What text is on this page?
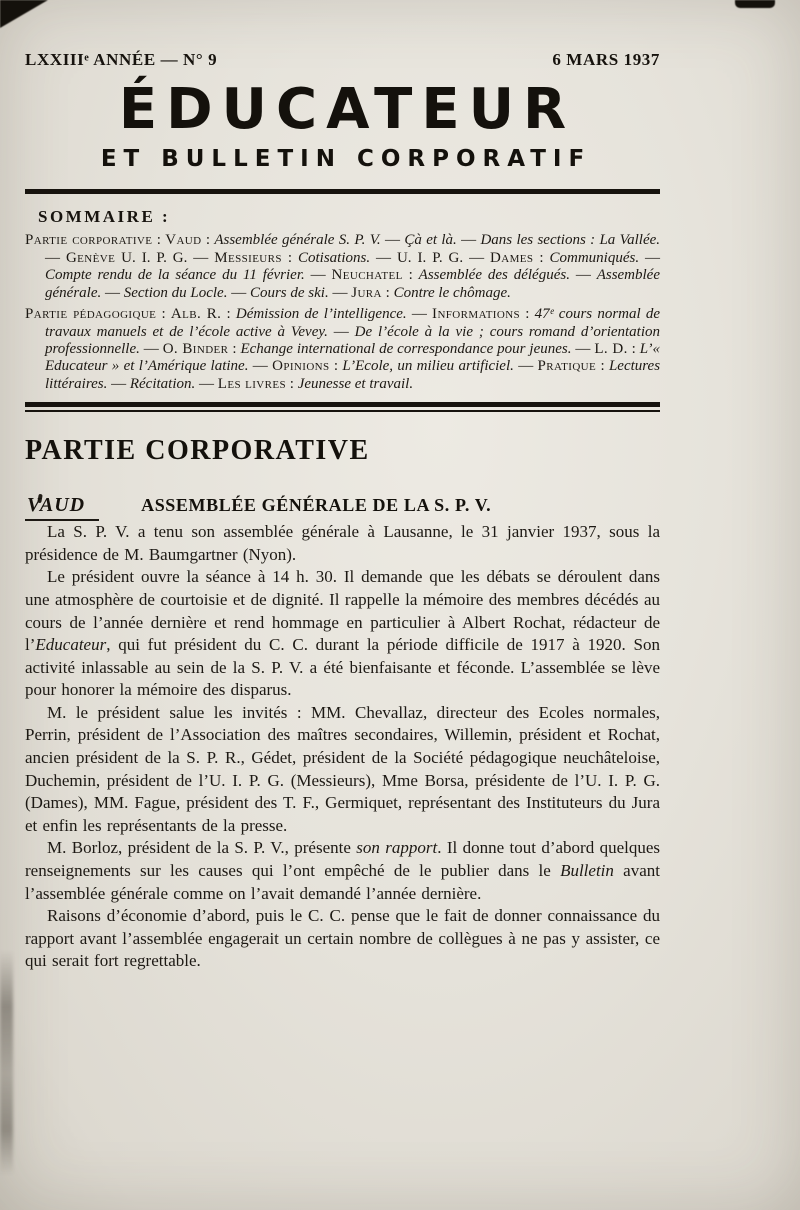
LXXIIIᵉ ANNÉE — N° 9	6 MARS 1937
ÉDUCATEUR
ET BULLETIN CORPORATIF
SOMMAIRE :

Partie corporative : Vaud : Assemblée générale S. P. V. — Çà et là. — Dans les sections : La Vallée. — Genève U. I. P. G. — Messieurs : Cotisations. — U. I. P. G. — Dames : Communiqués. — Compte rendu de la séance du 11 février. — Neuchatel : Assemblée des délégués. — Assemblée générale. — Section du Locle. — Cours de ski. — Jura : Contre le chômage.

Partie pédagogique : Alb. R. : Démission de l’intelligence. — Informations : 47ᵉ cours normal de travaux manuels et de l’école active à Vevey. — De l’école à la vie ; cours romand d’orientation professionnelle. — O. Binder : Echange international de correspondance pour jeunes. — L. D. : L’« Educateur » et l’Amérique latine. — Opinions : L’Ecole, un milieu artificiel. — Pratique : Lectures littéraires. — Récitation. — Les livres : Jeunesse et travail.

PARTIE CORPORATIVE
VAUD	ASSEMBLÉE GÉNÉRALE DE LA S. P. V.

La S. P. V. a tenu son assemblée générale à Lausanne, le 31 janvier 1937, sous la présidence de M. Baumgartner (Nyon).

Le président ouvre la séance à 14 h. 30. Il demande que les débats se déroulent dans une atmosphère de courtoisie et de dignité. Il rappelle la mémoire des membres décédés au cours de l’année dernière et rend hommage en particulier à Albert Rochat, rédacteur de l’Educateur, qui fut président du C. C. durant la période difficile de 1917 à 1920. Son activité inlassable au sein de la S. P. V. a été bienfaisante et féconde. L’assemblée se lève pour honorer la mémoire des disparus.

M. le président salue les invités : MM. Chevallaz, directeur des Ecoles normales, Perrin, président de l’Association des maîtres secondaires, Willemin, président et Rochat, ancien président de la S. P. R., Gédet, président de la Société pédagogique neuchâteloise, Duchemin, président de l’U. I. P. G. (Messieurs), Mme Borsa, présidente de l’U. I. P. G. (Dames), MM. Fague, président des T. F., Germiquet, représentant des Instituteurs du Jura et enfin les représentants de la presse.

M. Borloz, président de la S. P. V., présente son rapport. Il donne tout d’abord quelques renseignements sur les causes qui l’ont empêché de le publier dans le Bulletin avant l’assemblée générale comme on l’avait demandé l’année dernière.

Raisons d’économie d’abord, puis le C. C. pense que le fait de donner connaissance du rapport avant l’assemblée engagerait un certain nombre de collègues à ne pas y assister, ce qui serait fort regrettable.
